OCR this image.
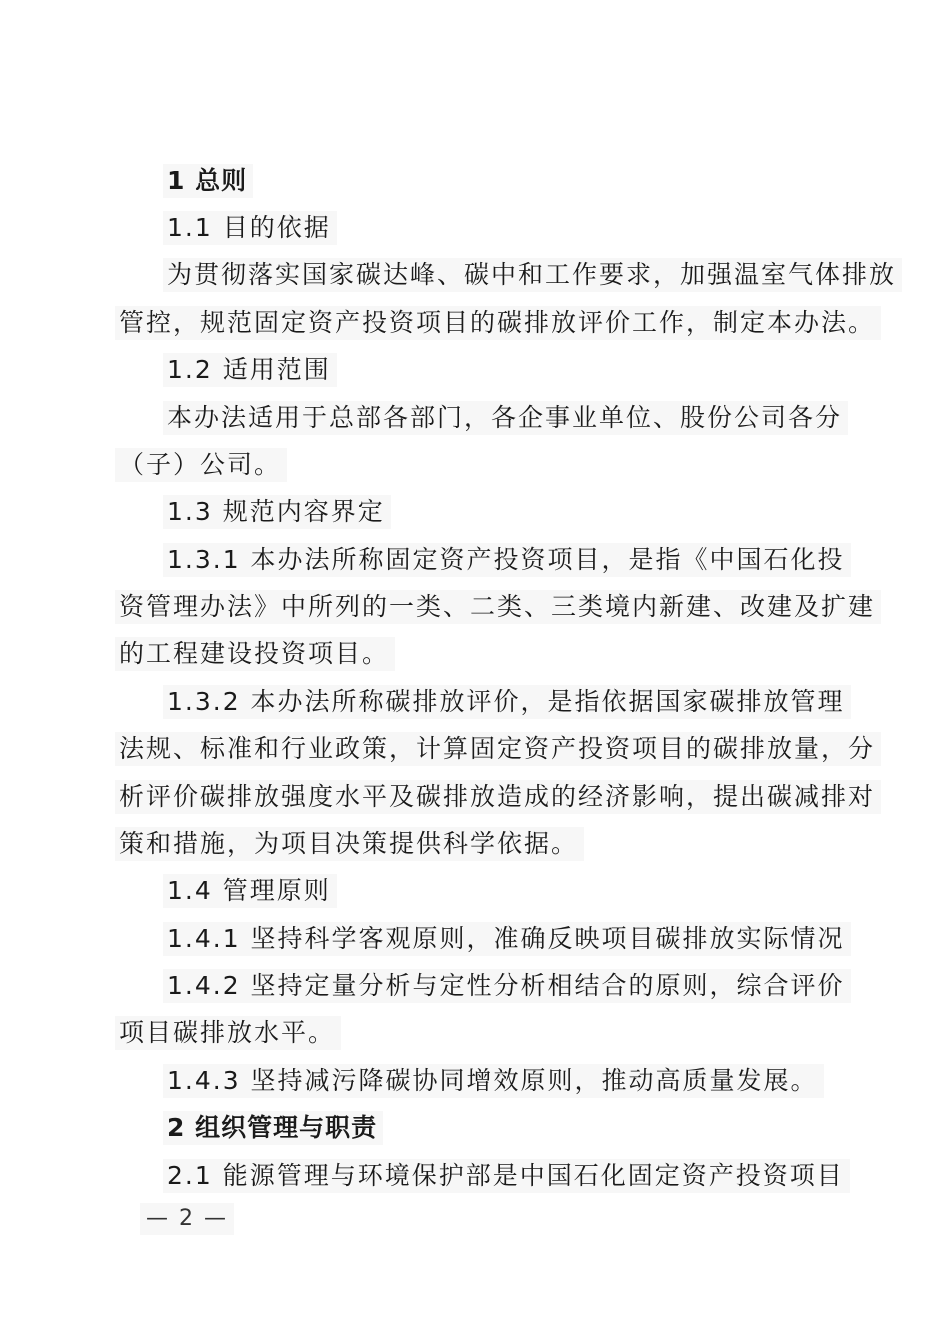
1 总则
1.1 目的依据
为贯彻落实国家碳达峰、碳中和工作要求，加强温室气体排放
管控，规范固定资产投资项目的碳排放评价工作，制定本办法。
1.2 适用范围
本办法适用于总部各部门，各企事业单位、股份公司各分
（子）公司。
1.3 规范内容界定
1.3.1 本办法所称固定资产投资项目，是指《中国石化投
资管理办法》中所列的一类、二类、三类境内新建、改建及扩建
的工程建设投资项目。
1.3.2 本办法所称碳排放评价，是指依据国家碳排放管理
法规、标准和行业政策，计算固定资产投资项目的碳排放量，分
析评价碳排放强度水平及碳排放造成的经济影响，提出碳减排对
策和措施，为项目决策提供科学依据。
1.4 管理原则
1.4.1 坚持科学客观原则，准确反映项目碳排放实际情况
1.4.2 坚持定量分析与定性分析相结合的原则，综合评价
项目碳排放水平。
1.4.3 坚持减污降碳协同增效原则，推动高质量发展。
2 组织管理与职责
2.1 能源管理与环境保护部是中国石化固定资产投资项目
— 2 —
